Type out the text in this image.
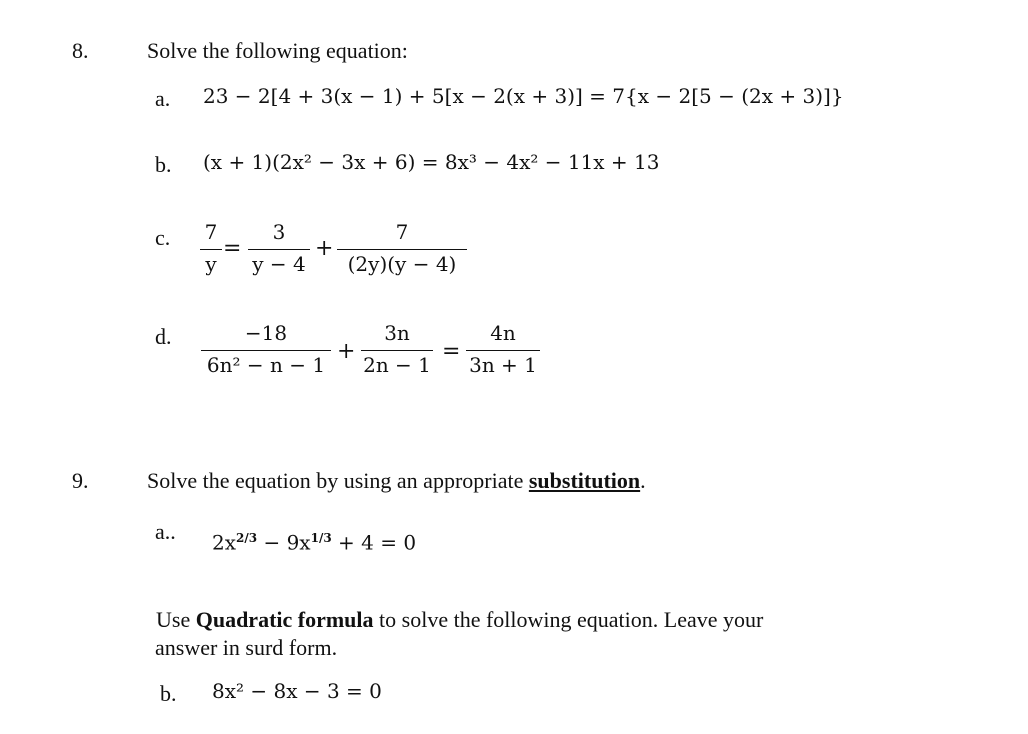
8.	Solve the following equation:
a. 23 − 2[4 + 3(x − 1) + 5[x − 2(x + 3)] = 7{x − 2[5 − (2x + 3)]}
b. (x + 1)(2x² − 3x + 6) = 8x³ − 4x² − 11x + 13
c. 7
y
=
3
y − 4
+
7
(2y)(y − 4)
d.	−18
6n² − n − 1
+
3n
2n − 1
=
4n
3n + 1
9.	Solve the equation by using an appropriate substitution.
a.. $2x^{2/3} - 9x^{1/3} + 4 = 0$
Use Quadratic formula to solve the following equation. Leave your
answer in surd form.
b. 8x² − 8x − 3 = 0
